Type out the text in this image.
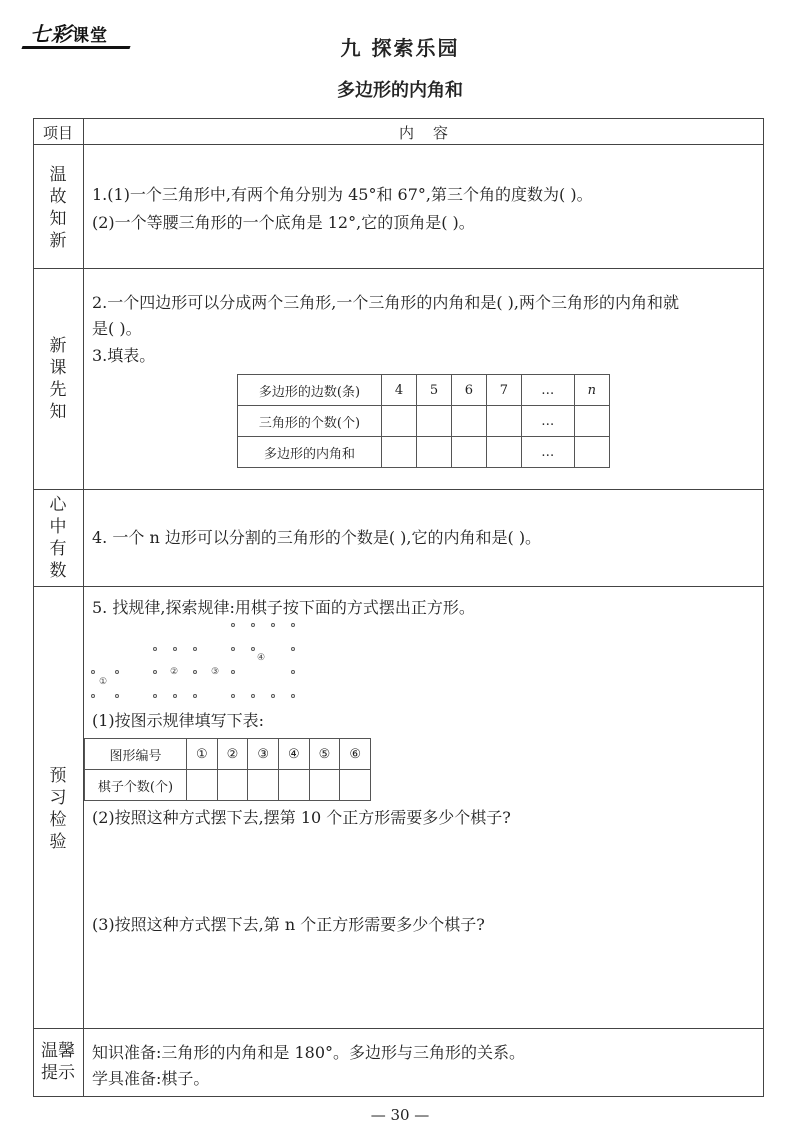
七彩课堂	九 探索乐园
多边形的内角和
项目	内    容
温
故
知
新
1.(1)一个三角形中,有两个角分别为 45°和 67°,第三个角的度数为( )。
(2)一个等腰三角形的一个底角是 12°,它的顶角是( )。
新
课
先
知
2.一个四边形可以分成两个三角形,一个三角形的内角和是( ),两个三角形的内角和就
是( )。
3.填表。
多边形的边数(条)	4	5	6	7	…	n
三角形的个数(个)					…	
多边形的内角和					…	
心
中
有
数
4. 一个 n 边形可以分割的三角形的个数是( ),它的内角和是( )。
预
习
检
验
5. 找规律,探索规律:用棋子按下面的方式摆出正方形。
①
②	③
④
(1)按图示规律填写下表:
图形编号	①	②	③	④	⑤	⑥
棋子个数(个)						
(2)按照这种方式摆下去,摆第 10 个正方形需要多少个棋子?
(3)按照这种方式摆下去,第 n 个正方形需要多少个棋子?
温馨
提示
知识准备:三角形的内角和是 180°。多边形与三角形的关系。
学具准备:棋子。
— 30 —
